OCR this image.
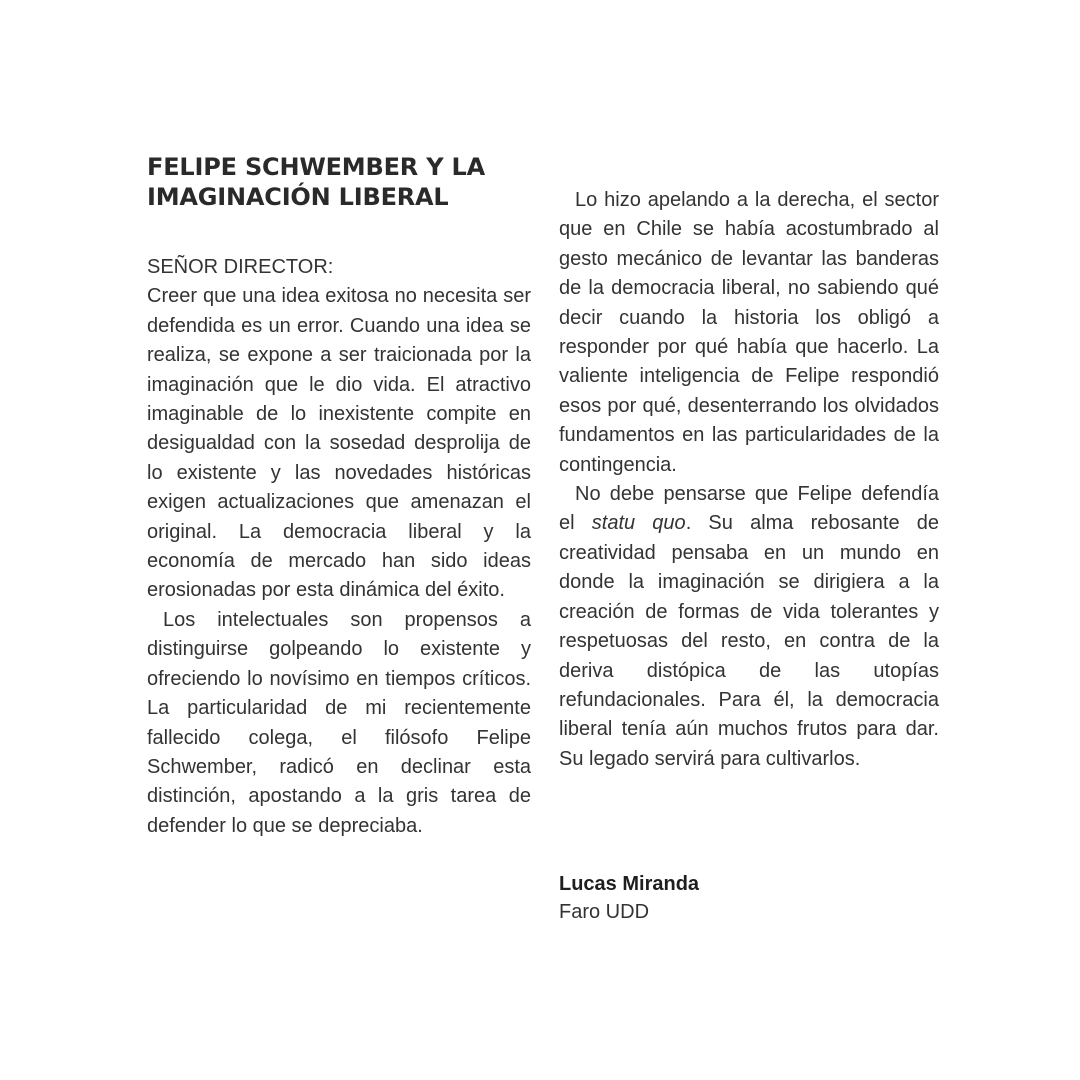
FELIPE SCHWEMBER Y LA
IMAGINACIÓN LIBERAL
SEÑOR DIRECTOR:

Creer que una idea exitosa no necesita ser defendida es un error. Cuando una idea se realiza, se expone a ser traicionada por la imaginación que le dio vida. El atractivo imaginable de lo inexistente compite en desigualdad con la sosedad desprolija de lo existente y las novedades históricas exigen actualizaciones que amenazan el original. La democracia liberal y la economía de mercado han sido ideas erosionadas por esta dinámica del éxito.

Los intelectuales son propensos a distinguirse golpeando lo existente y ofreciendo lo novísimo en tiempos críticos. La particularidad de mi recientemente fallecido colega, el filósofo Felipe Schwember, radicó en declinar esta distinción, apostando a la gris tarea de defender lo que se depreciaba.

Lo hizo apelando a la derecha, el sector que en Chile se había acostumbrado al gesto mecánico de levantar las banderas de la democracia liberal, no sabiendo qué decir cuando la historia los obligó a responder por qué había que hacerlo. La valiente inteligencia de Felipe respondió esos por qué, desenterrando los olvidados fundamentos en las particularidades de la contingencia.

No debe pensarse que Felipe defendía el statu quo. Su alma rebosante de creatividad pensaba en un mundo en donde la imaginación se dirigiera a la creación de formas de vida tolerantes y respetuosas del resto, en contra de la deriva distópica de las utopías refundacionales. Para él, la democracia liberal tenía aún muchos frutos para dar. Su legado servirá para cultivarlos.

Lucas Miranda
Faro UDD
